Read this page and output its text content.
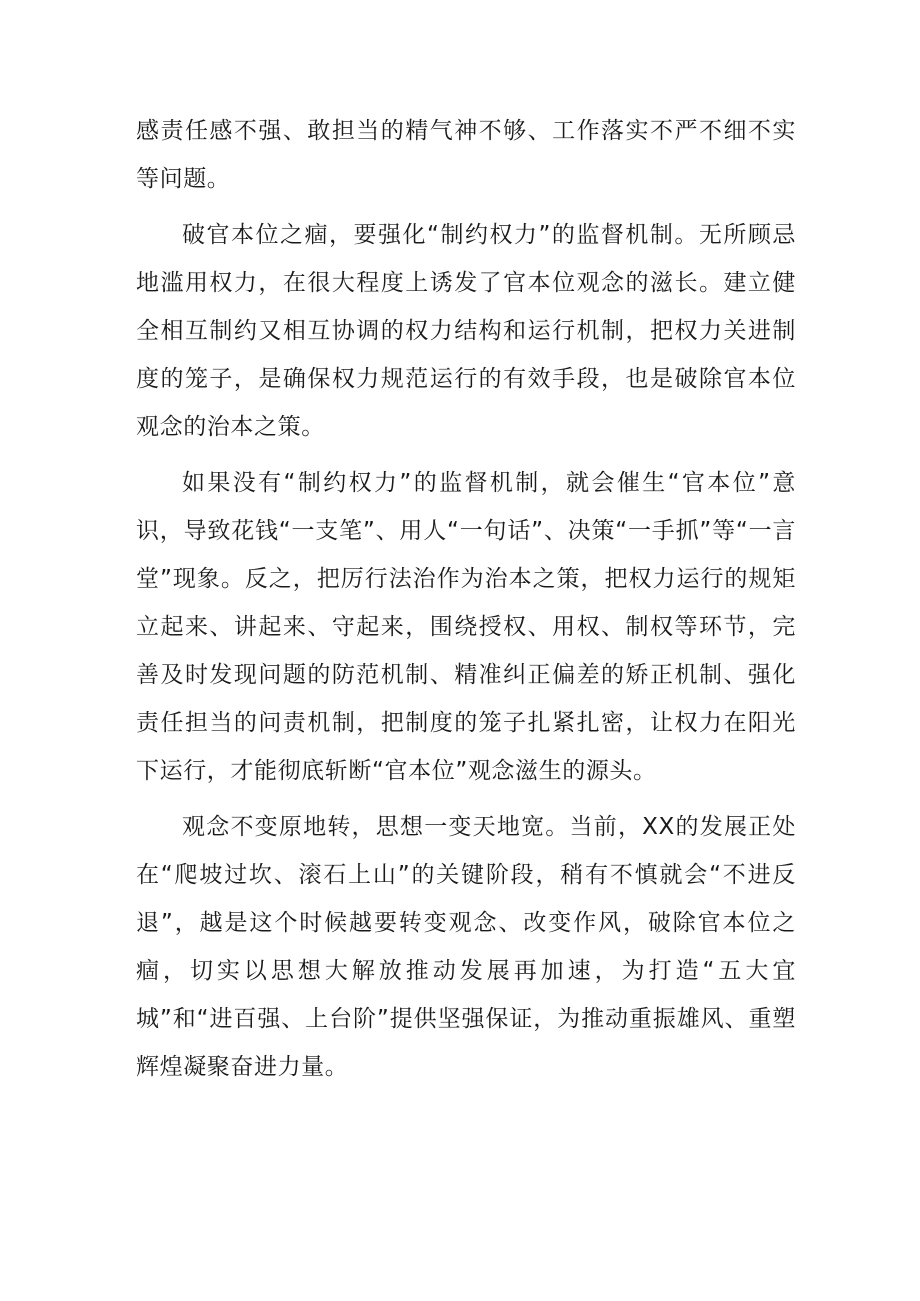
感责任感不强、敢担当的精气神不够、工作落实不严不细不实等问题。

破官本位之痼，要强化“制约权力”的监督机制。无所顾忌地滥用权力，在很大程度上诱发了官本位观念的滋长。建立健全相互制约又相互协调的权力结构和运行机制，把权力关进制度的笼子，是确保权力规范运行的有效手段，也是破除官本位观念的治本之策。

如果没有“制约权力”的监督机制，就会催生“官本位”意识，导致花钱“一支笔”、用人“一句话”、决策“一手抓”等“一言堂”现象。反之，把厉行法治作为治本之策，把权力运行的规矩立起来、讲起来、守起来，围绕授权、用权、制权等环节，完善及时发现问题的防范机制、精准纠正偏差的矫正机制、强化责任担当的问责机制，把制度的笼子扎紧扎密，让权力在阳光下运行，才能彻底斩断“官本位”观念滋生的源头。

观念不变原地转，思想一变天地宽。当前，XX的发展正处在“爬坡过坎、滚石上山”的关键阶段，稍有不慎就会“不进反退”，越是这个时候越要转变观念、改变作风，破除官本位之痼，切实以思想大解放推动发展再加速，为打造“五大宜城”和“进百强、上台阶”提供坚强保证，为推动重振雄风、重塑辉煌凝聚奋进力量。
